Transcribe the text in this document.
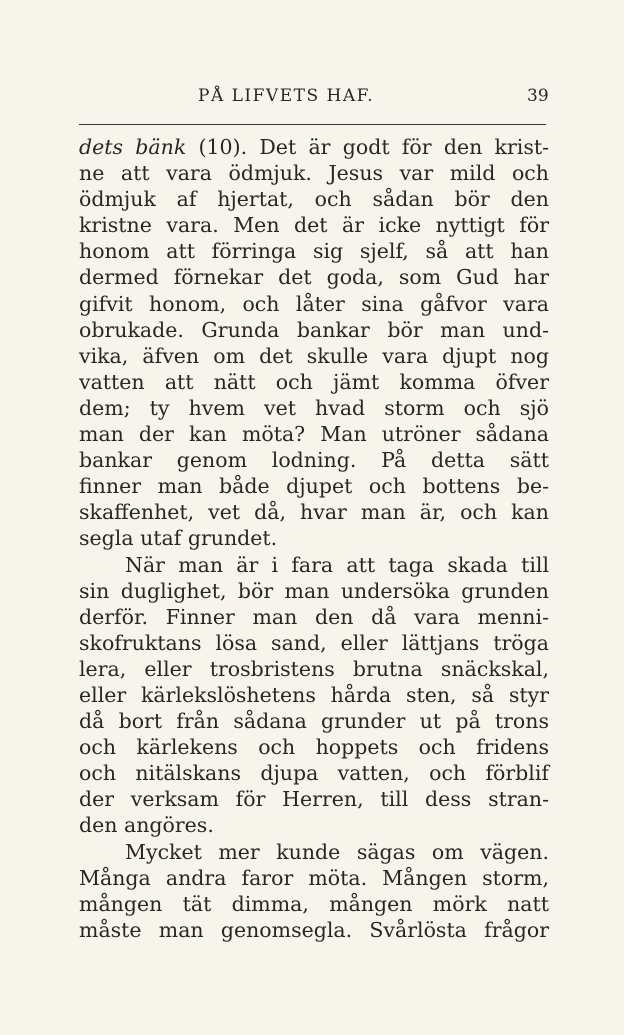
PÅ LIFVETS HAF.	39
dets bänk (10). Det är godt för den krist-
ne att vara ödmjuk. Jesus var mild och
ödmjuk af hjertat, och sådan bör den
kristne vara. Men det är icke nyttigt för
honom att förringa sig sjelf, så att han
dermed förnekar det goda, som Gud har
gifvit honom, och låter sina gåfvor vara
obrukade. Grunda bankar bör man und-
vika, äfven om det skulle vara djupt nog
vatten att nätt och jämt komma öfver
dem; ty hvem vet hvad storm och sjö
man der kan möta? Man utröner sådana
bankar genom lodning. På detta sätt
finner man både djupet och bottens be-
skaffenhet, vet då, hvar man är, och kan
segla utaf grundet.
När man är i fara att taga skada till
sin duglighet, bör man undersöka grunden
derför. Finner man den då vara menni-
skofruktans lösa sand, eller lättjans tröga
lera, eller trosbristens brutna snäckskal,
eller kärlekslöshetens hårda sten, så styr
då bort från sådana grunder ut på trons
och kärlekens och hoppets och fridens
och nitälskans djupa vatten, och förblif
der verksam för Herren, till dess stran-
den angöres.
Mycket mer kunde sägas om vägen.
Många andra faror möta. Mången storm,
mången tät dimma, mången mörk natt
måste man genomsegla. Svårlösta frågor
